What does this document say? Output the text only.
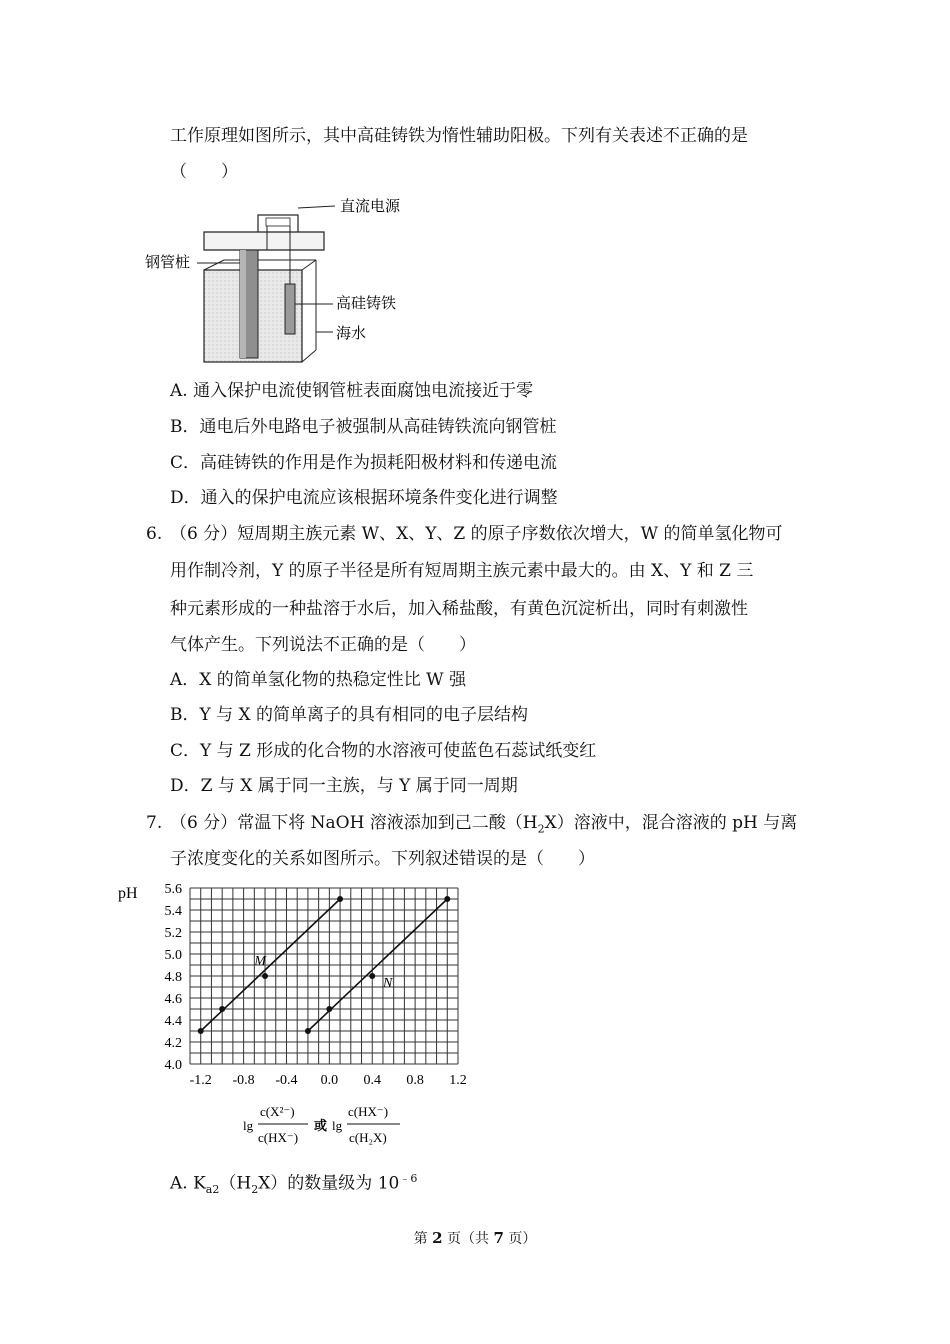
工作原理如图所示，其中高硅铸铁为惰性辅助阳极。下列有关表述不正确的是
（　　）
直流电源
钢管桩
高硅铸铁
海水
A. 通入保护电流使钢管桩表面腐蚀电流接近于零
B．通电后外电路电子被强制从高硅铸铁流向钢管桩
C．高硅铸铁的作用是作为损耗阳极材料和传递电流
D．通入的保护电流应该根据环境条件变化进行调整
6. （6 分）短周期主族元素 W、X、Y、Z 的原子序数依次增大，W 的简单氢化物可
用作制冷剂，Y 的原子半径是所有短周期主族元素中最大的。由 X、Y 和 Z 三
种元素形成的一种盐溶于水后，加入稀盐酸，有黄色沉淀析出，同时有刺激性
气体产生。下列说法不正确的是（　　）
A．X 的简单氢化物的热稳定性比 W 强
B．Y 与 X 的简单离子的具有相同的电子层结构
C．Y 与 Z 形成的化合物的水溶液可使蓝色石蕊试纸变红
D．Z 与 X 属于同一主族，与 Y 属于同一周期
7. （6 分）常温下将 NaOH 溶液添加到己二酸$(H_2X)$溶液中，混合溶液的 pH 与离
子浓度变化的关系如图所示。下列叙述错误的是（　　）
pH
4.0
4.2
4.4
4.6
4.8
5.0
5.2
5.4
5.6
-1.2 -0.8 -0.4 0.0 0.4 0.8 1.2
M
N
lg
c(X²⁻)
c(HX⁻)
或 lg
c(HX⁻)
c(H₂X)
A. $K_{a2}(H_2X)$的数量级为 $10^{﹣6}$
第 2 页（共 7 页）
